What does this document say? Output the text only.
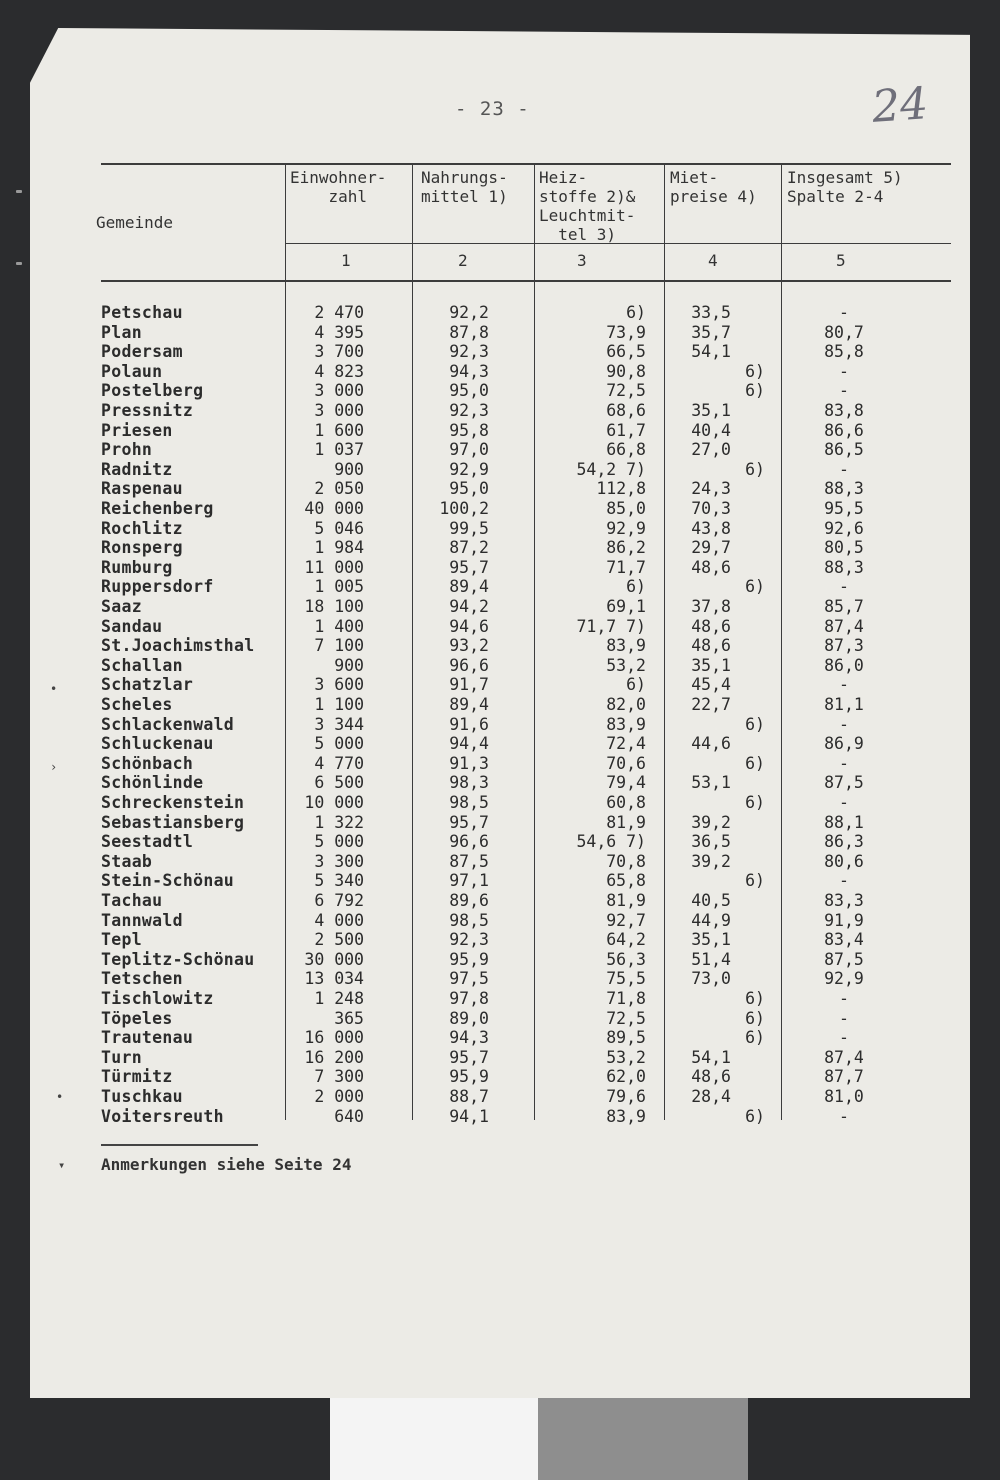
- 23 -	24
Gemeinde
Einwohner-
zahl
Nahrungs-
mittel 1)
Heiz-
stoffe 2)&
Leuchtmit-
tel 3)
Miet-
preise 4)
Insgesamt 5)
Spalte 2-4
1	2	3	4	5
Petschau	2 470	92,2	6)	33,5	-
Plan	4 395	87,8	73,9	35,7	80,7
Podersam	3 700	92,3	66,5	54,1	85,8
Polaun	4 823	94,3	90,8	6)	-
Postelberg	3 000	95,0	72,5	6)	-
Pressnitz	3 000	92,3	68,6	35,1	83,8
Priesen	1 600	95,8	61,7	40,4	86,6
Prohn	1 037	97,0	66,8	27,0	86,5
Radnitz	900	92,9	54,2 7)	6)	-
Raspenau	2 050	95,0	112,8	24,3	88,3
Reichenberg	40 000	100,2	85,0	70,3	95,5
Rochlitz	5 046	99,5	92,9	43,8	92,6
Ronsperg	1 984	87,2	86,2	29,7	80,5
Rumburg	11 000	95,7	71,7	48,6	88,3
Ruppersdorf	1 005	89,4	6)	6)	-
Saaz	18 100	94,2	69,1	37,8	85,7
Sandau	1 400	94,6	71,7 7)	48,6	87,4
St.Joachimsthal	7 100	93,2	83,9	48,6	87,3
Schallan	900	96,6	53,2	35,1	86,0
Schatzlar	3 600	91,7	6)	45,4	-
Scheles	1 100	89,4	82,0	22,7	81,1
Schlackenwald	3 344	91,6	83,9	6)	-
Schluckenau	5 000	94,4	72,4	44,6	86,9
Schönbach	4 770	91,3	70,6	6)	-
Schönlinde	6 500	98,3	79,4	53,1	87,5
Schreckenstein	10 000	98,5	60,8	6)	-
Sebastiansberg	1 322	95,7	81,9	39,2	88,1
Seestadtl	5 000	96,6	54,6 7)	36,5	86,3
Staab	3 300	87,5	70,8	39,2	80,6
Stein-Schönau	5 340	97,1	65,8	6)	-
Tachau	6 792	89,6	81,9	40,5	83,3
Tannwald	4 000	98,5	92,7	44,9	91,9
Tepl	2 500	92,3	64,2	35,1	83,4
Teplitz-Schönau	30 000	95,9	56,3	51,4	87,5
Tetschen	13 034	97,5	75,5	73,0	92,9
Tischlowitz	1 248	97,8	71,8	6)	-
Töpeles	365	89,0	72,5	6)	-
Trautenau	16 000	94,3	89,5	6)	-
Turn	16 200	95,7	53,2	54,1	87,4
Türmitz	7 300	95,9	62,0	48,6	87,7
Tuschkau	2 000	88,7	79,6	28,4	81,0
Voitersreuth	640	94,1	83,9	6)	-
Anmerkungen siehe Seite 24
•
›
•
▾
